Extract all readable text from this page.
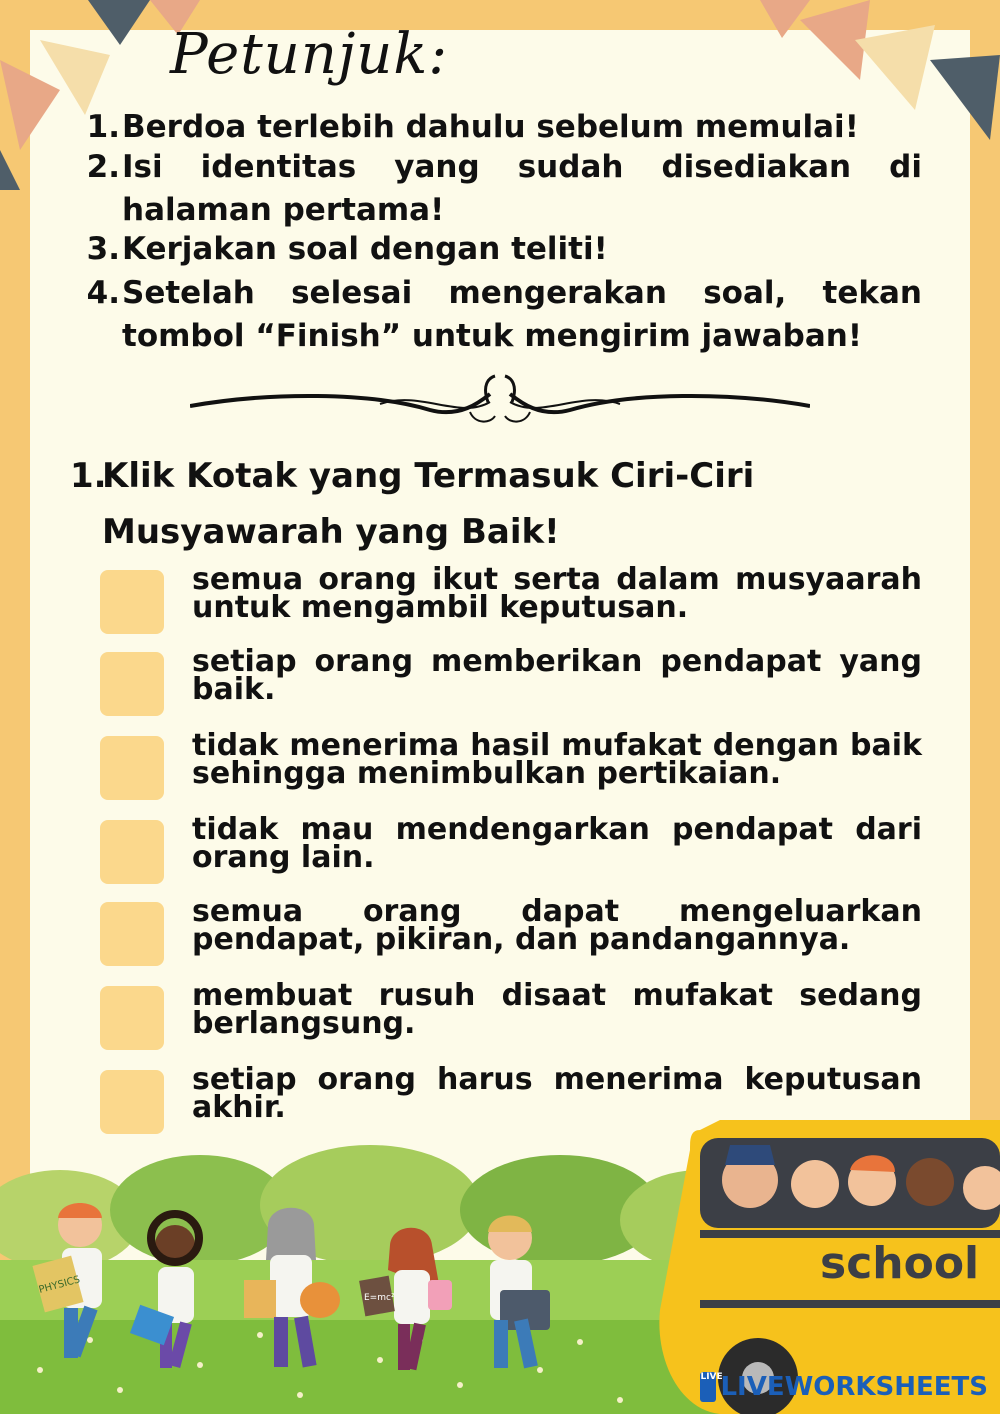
Petunjuk:
1. Berdoa terlebih dahulu sebelum memulai!
2. Isi identitas yang sudah disediakan di halaman pertama!
3. Kerjakan soal dengan teliti!
4. Setelah selesai mengerakan soal, tekan tombol “Finish” untuk mengirim jawaban!
1.
Klik Kotak yang Termasuk Ciri-Ciri Musyawarah yang Baik!
semua orang ikut serta dalam musyaarah untuk mengambil keputusan.
setiap orang memberikan pendapat yang baik.
tidak menerima hasil mufakat dengan baik sehingga menimbulkan pertikaian.
tidak mau mendengarkan pendapat dari orang lain.
semua orang dapat mengeluarkan pendapat, pikiran, dan pandangannya.
membuat rusuh disaat mufakat sedang berlangsung.
setiap orang harus menerima keputusan akhir.
PHYSICS
E=mc²
school
LIVE
LIVEWORKSHEETS
